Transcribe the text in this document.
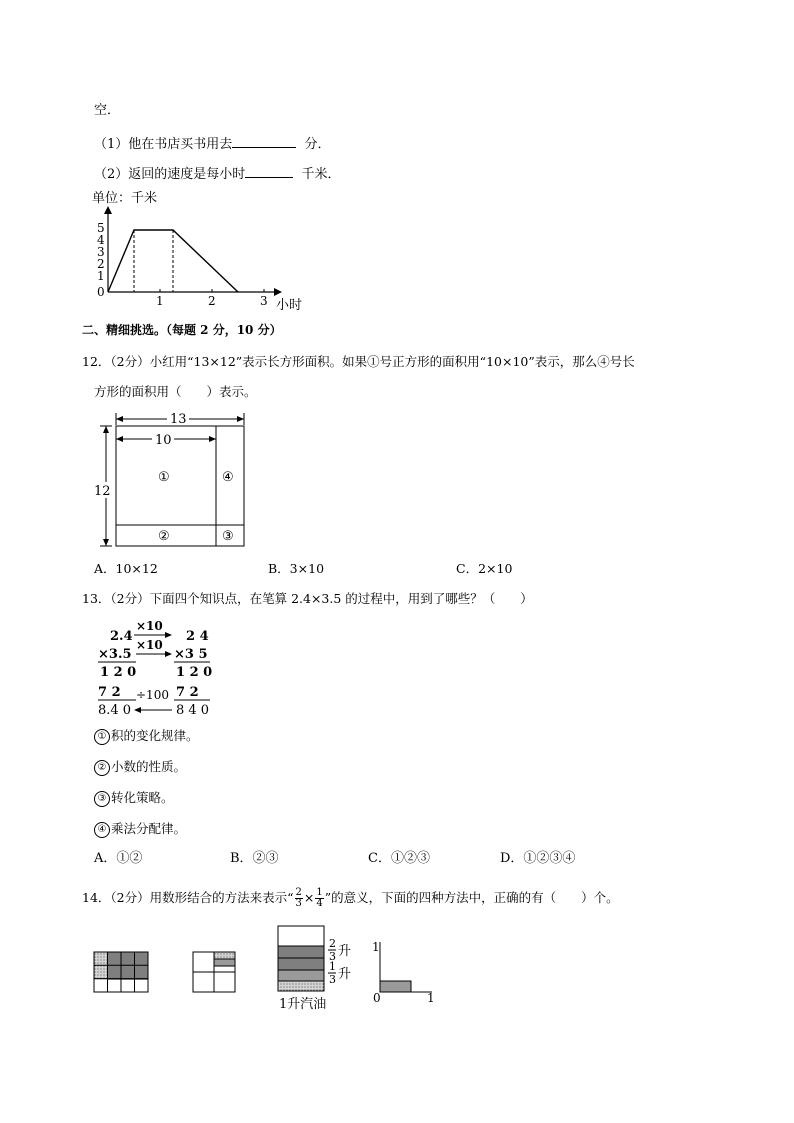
空．
（1）他在书店买书用去	分．
（2）返回的速度是每小时	千米．
单位：千米
5
4
3
2
1
0
1	2	3 小时
二、精细挑选。（每题 2 分，10 分）
12．（2分）小红用“13×12”表示长方形面积。如果①号正方形的面积用“10×10”表示，那么④号长
方形的面积用（　　）表示。
13
10
12
①	④
②	③
A．10×12	B．3×10	C．2×10
13．（2分）下面四个知识点，在笔算 2.4×3.5 的过程中，用到了哪些？（　　）
2.4
×3.5
1 2 0
7 2
8.4 0
2 4
×3 5
1 2 0
7 2
8 4 0
×10
×10
÷100
① 积的变化规律。
② 小数的性质。
③ 转化策略。
④ 乘法分配律。
A．①②	B．②③	C．①②③	D．①②③④
14．（2分）用数形结合的方法来表示“ $\frac{2}{3} \times \frac{1}{4}$ ”的意义，下面的四种方法中，正确的有（　　）个。
2
3 升
1
3 升
1升汽油
1
0	1
